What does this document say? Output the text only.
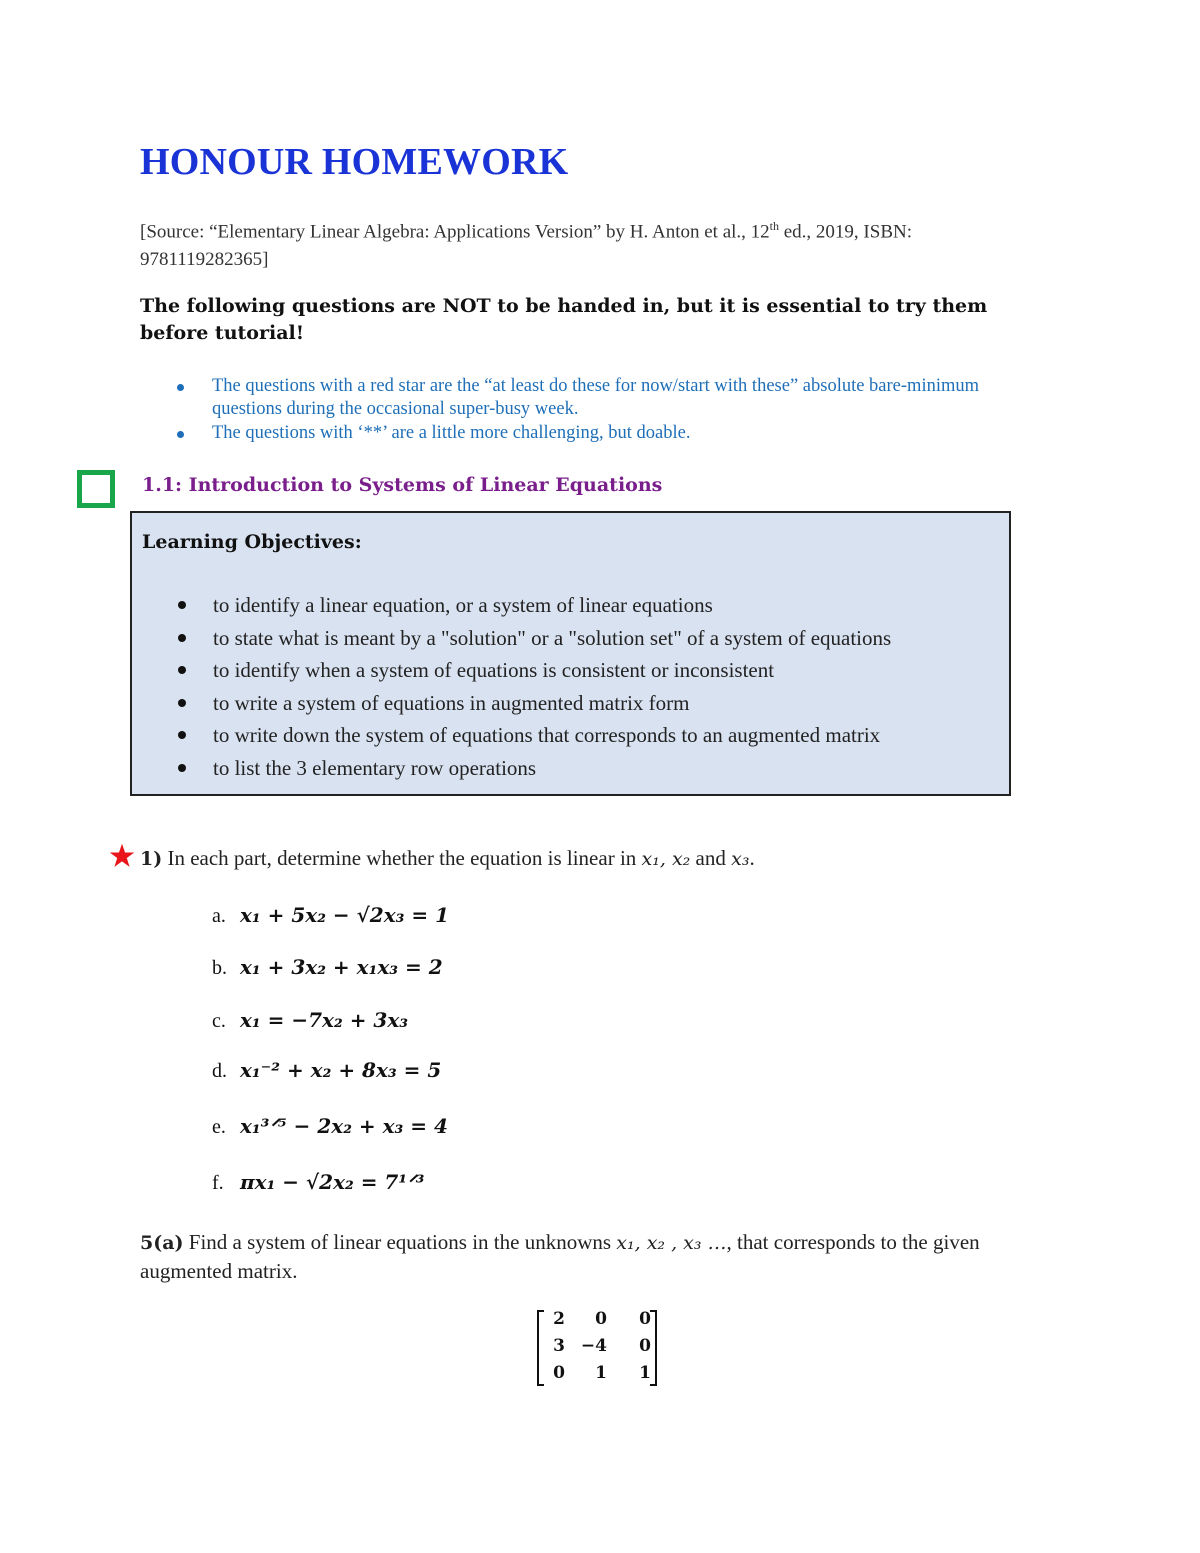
HONOUR HOMEWORK
[Source: “Elementary Linear Algebra: Applications Version” by H. Anton et al., 12th ed., 2019, ISBN: 9781119282365]
The following questions are NOT to be handed in, but it is essential to try them before tutorial!
The questions with a red star are the “at least do these for now/start with these” absolute bare-minimum questions during the occasional super-busy week.
The questions with ‘**’ are a little more challenging, but doable.
1.1: Introduction to Systems of Linear Equations
Learning Objectives:
to identify a linear equation, or a system of linear equations
to state what is meant by a "solution" or a "solution set" of a system of equations
to identify when a system of equations is consistent or inconsistent
to write a system of equations in augmented matrix form
to write down the system of equations that corresponds to an augmented matrix
to list the 3 elementary row operations
1) In each part, determine whether the equation is linear in x₁, x₂ and x₃.
a. x₁ + 5x₂ − √2x₃ = 1
b. x₁ + 3x₂ + x₁x₃ = 2
c. x₁ = −7x₂ + 3x₃
d. x₁⁻² + x₂ + 8x₃ = 5
e. x₁³ᐟ⁵ − 2x₂ + x₃ = 4
f. πx₁ − √2x₂ = 7¹ᐟ³
5(a) Find a system of linear equations in the unknowns x₁, x₂ , x₃ …, that corresponds to the given augmented matrix.
2	0	0
3 −4	0
0	1	1
